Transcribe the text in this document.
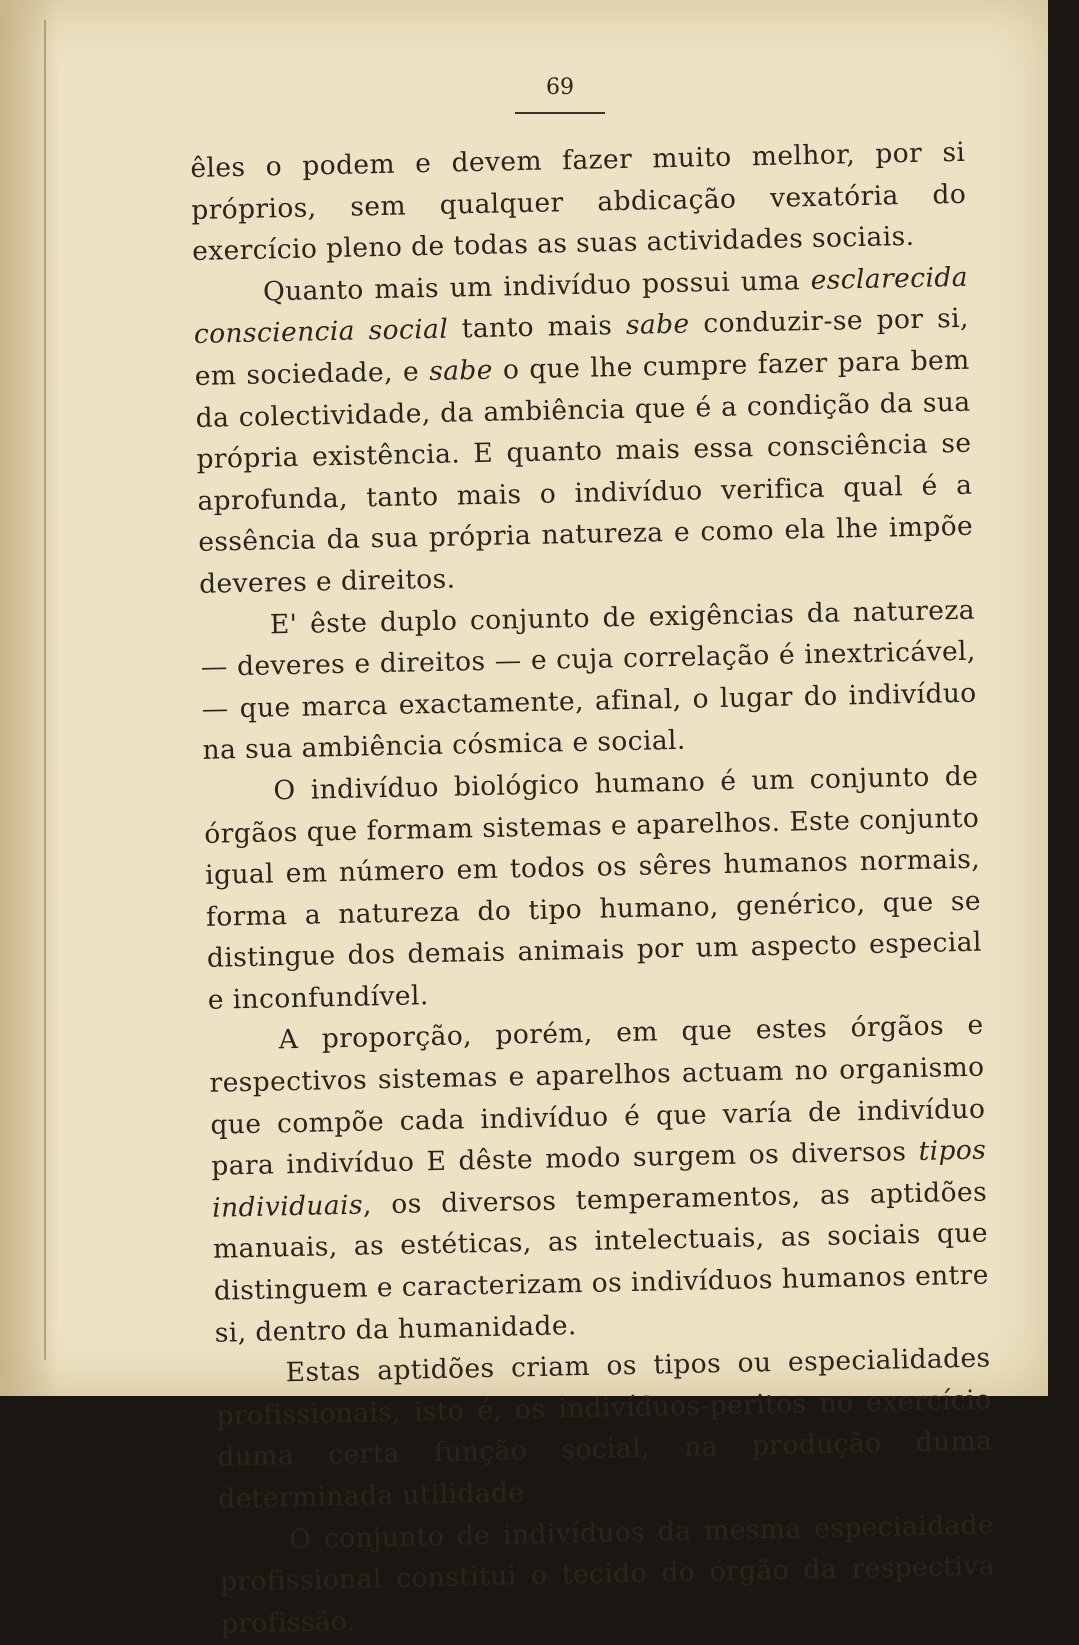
69

êles o podem e devem fazer muito melhor, por si próprios, sem qualquer abdicação vexatória do exercício pleno de todas as suas actividades sociais.

Quanto mais um indivíduo possui uma esclarecida consciencia social tanto mais sabe conduzir-se por si, em sociedade, e sabe o que lhe cumpre fazer para bem da colectividade, da ambiência que é a condição da sua própria existência. E quanto mais essa consciência se aprofunda, tanto mais o indivíduo verifica qual é a essência da sua própria natureza e como ela lhe impõe deveres e direitos.

E' êste duplo conjunto de exigências da natureza — deveres e direitos — e cuja correlação é inextricável, — que marca exactamente, afinal, o lugar do indivíduo na sua ambiência cósmica e social.

O indivíduo biológico humano é um conjunto de órgãos que formam sistemas e aparelhos. Este conjunto igual em número em todos os sêres humanos normais, forma a natureza do tipo humano, genérico, que se distingue dos demais animais por um aspecto especial e inconfundível.

A proporção, porém, em que estes órgãos e respectivos sistemas e aparelhos actuam no organismo que compõe cada indivíduo é que varía de indivíduo para indivíduo E dêste modo surgem os diversos tipos individuais, os diversos temperamentos, as aptidões manuais, as estéticas, as intelectuais, as sociais que distinguem e caracterizam os indivíduos humanos entre si, dentro da humanidade.

Estas aptidões criam os tipos ou especialidades profissionais, isto é, os indivíduos-peritos no exercício duma certa função social, na produção duma determinada utilidade

O conjunto de indivíduos da mesma especiaidade profissional constitui o tecido do órgão da respectiva profissão.
